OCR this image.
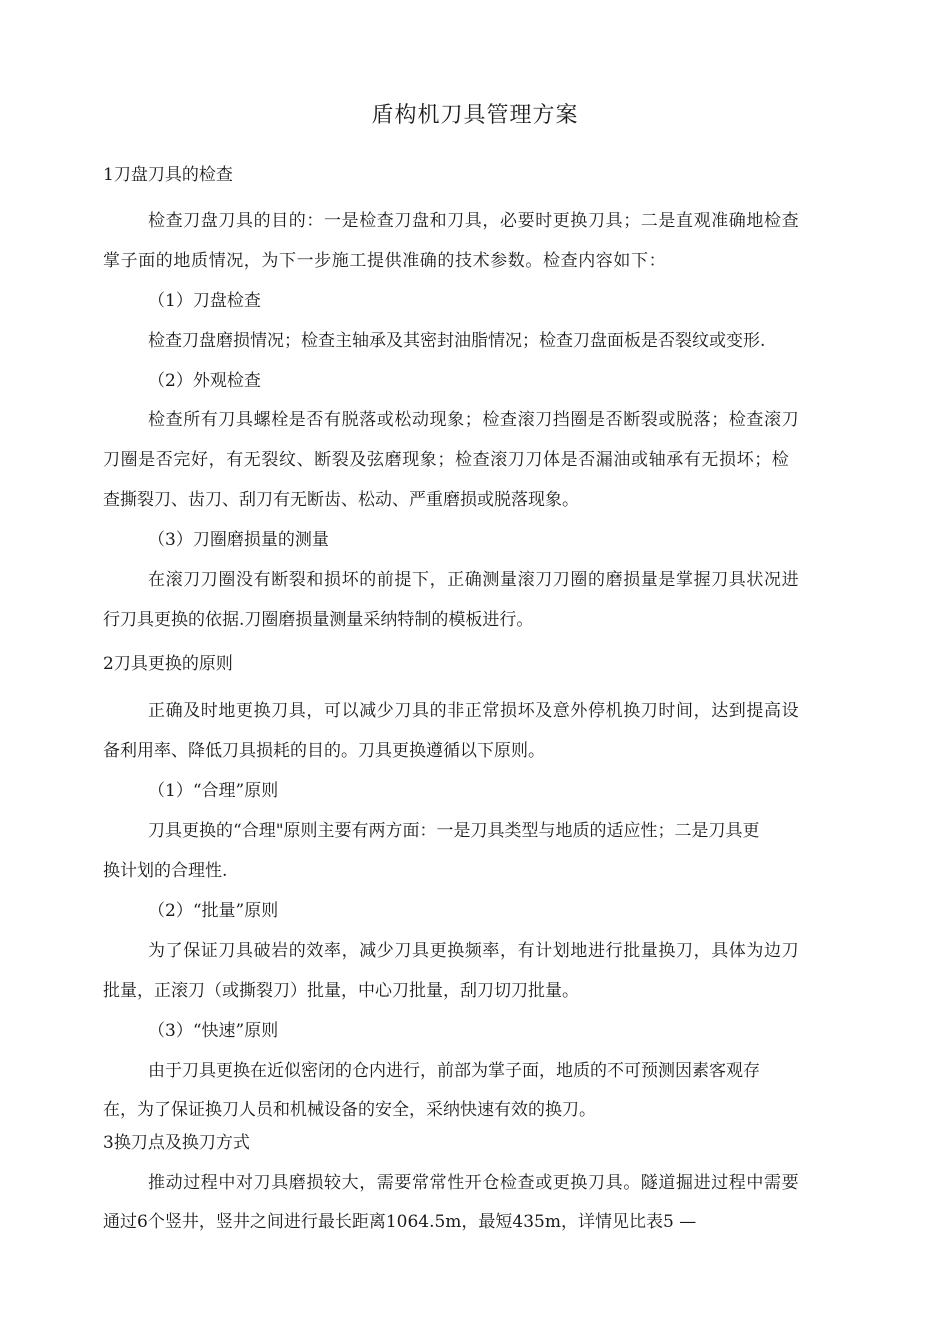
盾构机刀具管理方案
1刀盘刀具的检查
检查刀盘刀具的目的：一是检查刀盘和刀具，必要时更换刀具；二是直观准确地检查
掌子面的地质情况，为下一步施工提供准确的技术参数。检查内容如下：
（1）刀盘检查
检查刀盘磨损情况；检查主轴承及其密封油脂情况；检查刀盘面板是否裂纹或变形.
（2）外观检查
检查所有刀具螺栓是否有脱落或松动现象；检查滚刀挡圈是否断裂或脱落；检查滚刀
刀圈是否完好，有无裂纹、断裂及弦磨现象；检查滚刀刀体是否漏油或轴承有无损坏；检
查撕裂刀、齿刀、刮刀有无断齿、松动、严重磨损或脱落现象。
（3）刀圈磨损量的测量
在滚刀刀圈没有断裂和损坏的前提下，正确测量滚刀刀圈的磨损量是掌握刀具状况进
行刀具更换的依据.刀圈磨损量测量采纳特制的模板进行。
2刀具更换的原则
正确及时地更换刀具，可以减少刀具的非正常损坏及意外停机换刀时间，达到提高设
备利用率、降低刀具损耗的目的。刀具更换遵循以下原则。
（1）“合理”原则
刀具更换的“合理"原则主要有两方面：一是刀具类型与地质的适应性；二是刀具更
换计划的合理性.
（2）“批量”原则
为了保证刀具破岩的效率，减少刀具更换频率，有计划地进行批量换刀，具体为边刀
批量，正滚刀（或撕裂刀）批量，中心刀批量，刮刀切刀批量。
（3）“快速”原则
由于刀具更换在近似密闭的仓内进行，前部为掌子面，地质的不可预测因素客观存
在，为了保证换刀人员和机械设备的安全，采纳快速有效的换刀。
3换刀点及换刀方式
推动过程中对刀具磨损较大，需要常常性开仓检查或更换刀具。隧道掘进过程中需要
通过6个竖井，竖井之间进行最长距离1064.5m，最短435m，详情见比表5 —
